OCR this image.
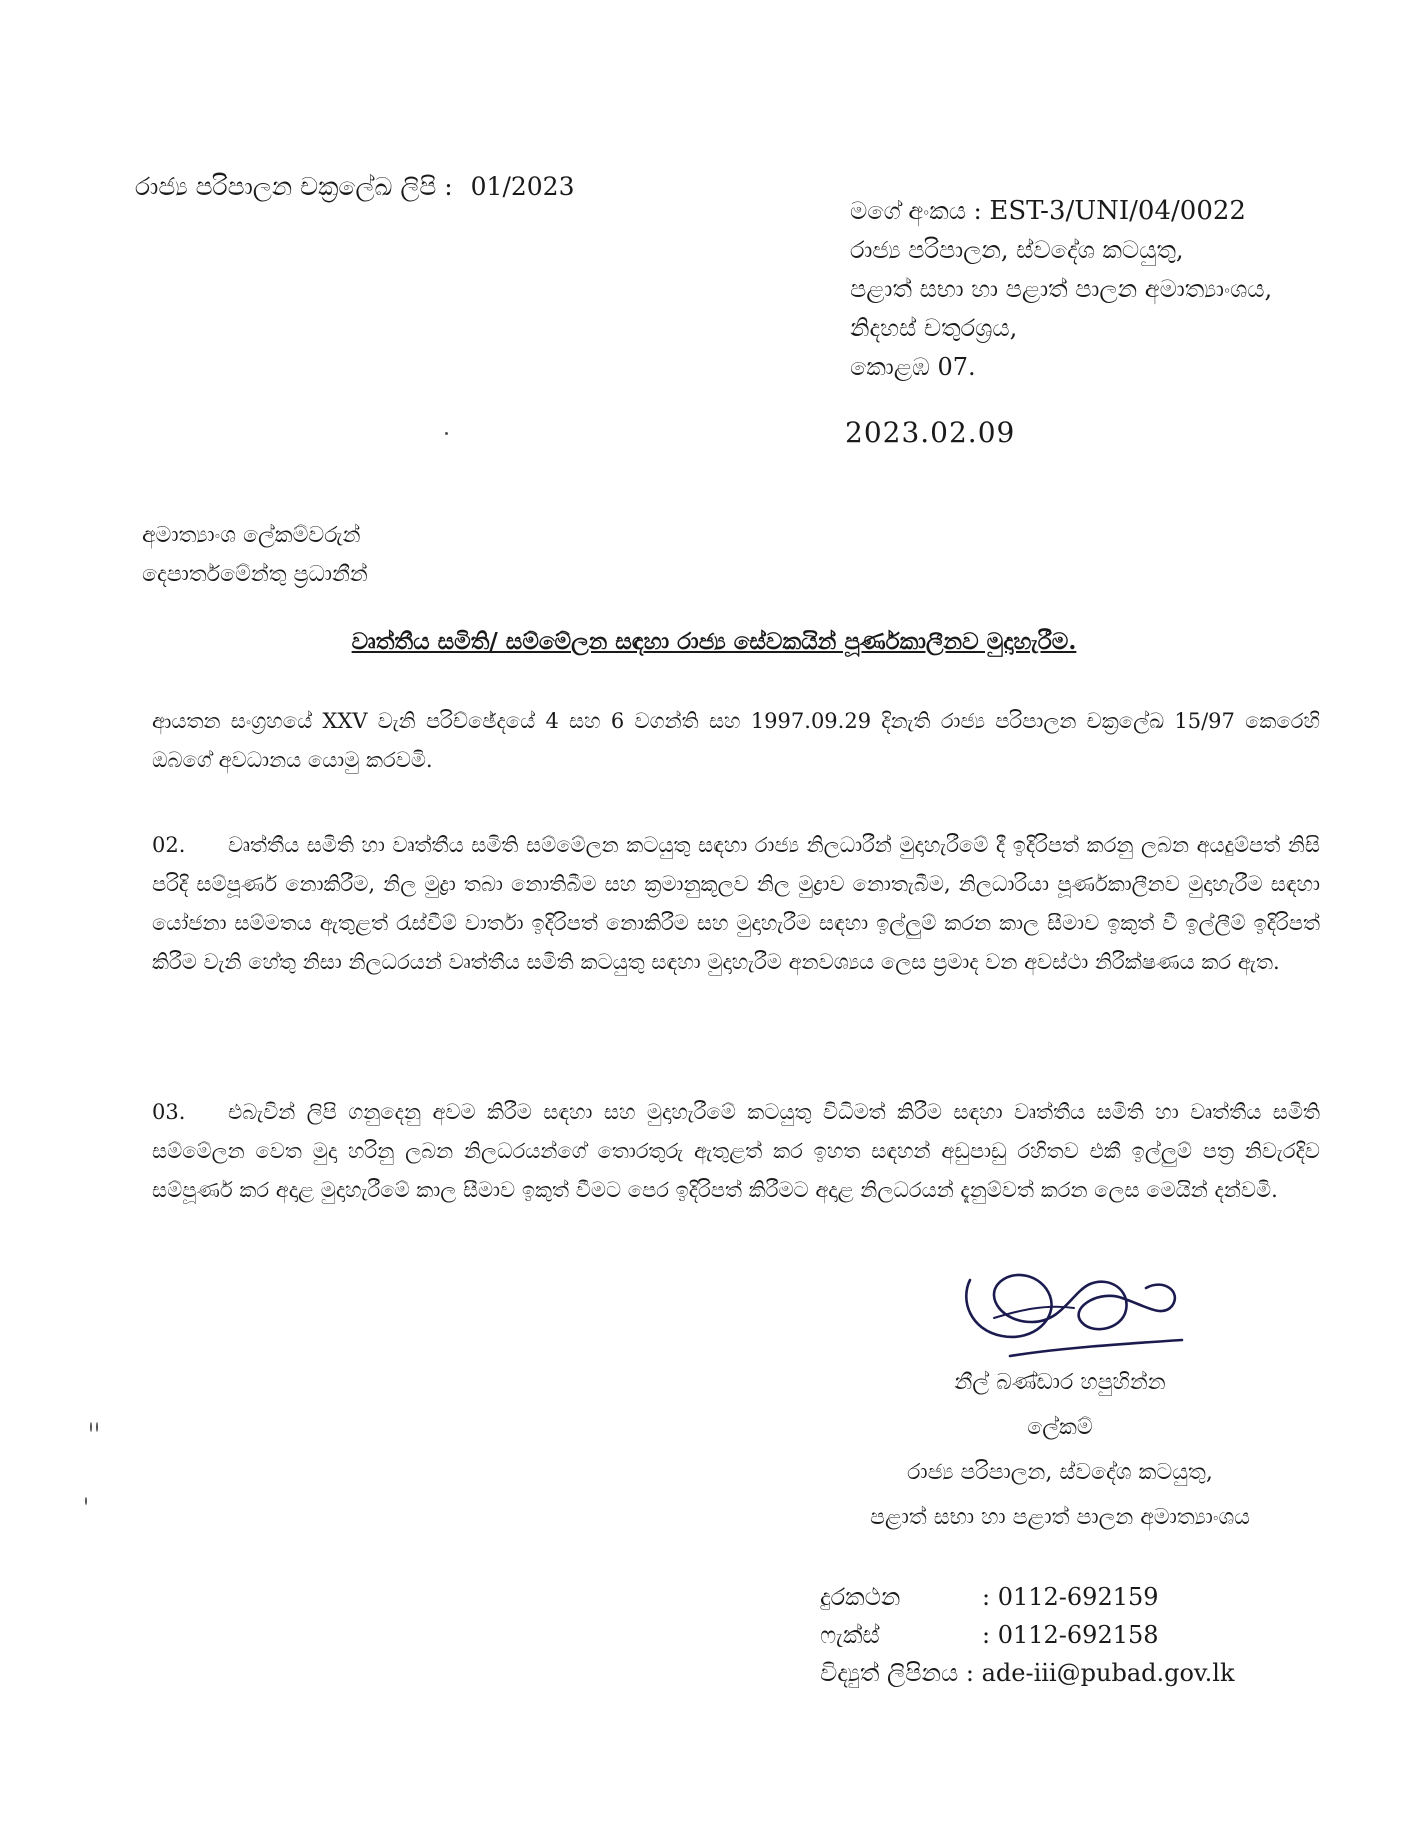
රාජ්‍ය පරිපාලන චක්‍රලේඛ ලිපි : 01/2023
මගේ අංකය : EST-3/UNI/04/0022
රාජ්‍ය පරිපාලන, ස්වදේශ කටයුතු,
පළාත් සභා හා පළාත් පාලන අමාත්‍යාංශය,
නිදහස් චතුරශ්‍රය,
කොළඹ 07.
2023.02.09
අමාත්‍යාංශ ලේකම්වරුන්
දෙපාර්තමේන්තු ප්‍රධානීන්
වෘත්තීය සමිති/ සම්මේලන සඳහා රාජ්‍ය සේවකයින් පූර්ණකාලීනව මුදාහැරීම.
ආයතන සංග්‍රහයේ XXV වැනි පරිච්ඡේදයේ 4 සහ 6 වගන්ති සහ 1997.09.29 දිනැති රාජ්‍ය පරිපාලන චක්‍රලේඛ 15/97 කෙරෙහි ඔබගේ අවධානය යොමු කරවමි.
02. වෘත්තීය සමිති හා වෘත්තීය සමිති සම්මේලන කටයුතු සඳහා රාජ්‍ය නිලධාරීන් මුදාහැරීමේ දී ඉදිරිපත් කරනු ලබන අයදුම්පත් නිසි පරිදි සම්පූර්ණ නොකිරීම, නිල මුද්‍රා තබා නොතිබීම සහ ක්‍රමානුකූලව නිල මුද්‍රාව නොතැබීම, නිලධාරියා පූර්ණකාලීනව මුදාහැරීම සඳහා යෝජනා සම්මතය ඇතුළත් රැස්වීම් වාර්තා ඉදිරිපත් නොකිරීම සහ මුදාහැරීම සඳහා ඉල්ලුම් කරන කාල සීමාව ඉකුත් වී ඉල්ලීම් ඉදිරිපත් කිරීම වැනි හේතු නිසා නිලධරයන් වෘත්තීය සමිති කටයුතු සඳහා මුදාහැරීම අනවශ්‍යය ලෙස ප්‍රමාද වන අවස්ථා නිරීක්ෂණය කර ඇත.
03. එබැවින් ලිපි ගනුදෙනු අවම කිරීම සඳහා සහ මුදාහැරීමේ කටයුතු විධිමත් කිරීම සඳහා වෘත්තීය සමිති හා වෘත්තීය සමිති සම්මේලන වෙත මුදා හරිනු ලබන නිලධරයන්ගේ තොරතුරු ඇතුළත් කර ඉහත සඳහන් අඩුපාඩු රහිතව එකී ඉල්ලුම් පත්‍ර නිවැරදිව සම්පූර්ණ කර අදාළ මුදාහැරීමේ කාල සීමාව ඉකුත් වීමට පෙර ඉදිරිපත් කිරීමට අදාළ නිලධරයන් දැනුම්වත් කරන ලෙස මෙයින් දන්වමි.
නීල් බණ්ඩාර හපුහින්න
ලේකම්
රාජ්‍ය පරිපාලන, ස්වදේශ කටයුතු,
පළාත් සභා හා පළාත් පාලන අමාත්‍යාංශය
දුරකථන	: 0112-692159
ෆැක්ස්	: 0112-692158
විද්‍යුත් ලිපිනය : ade-iii@pubad.gov.lk
